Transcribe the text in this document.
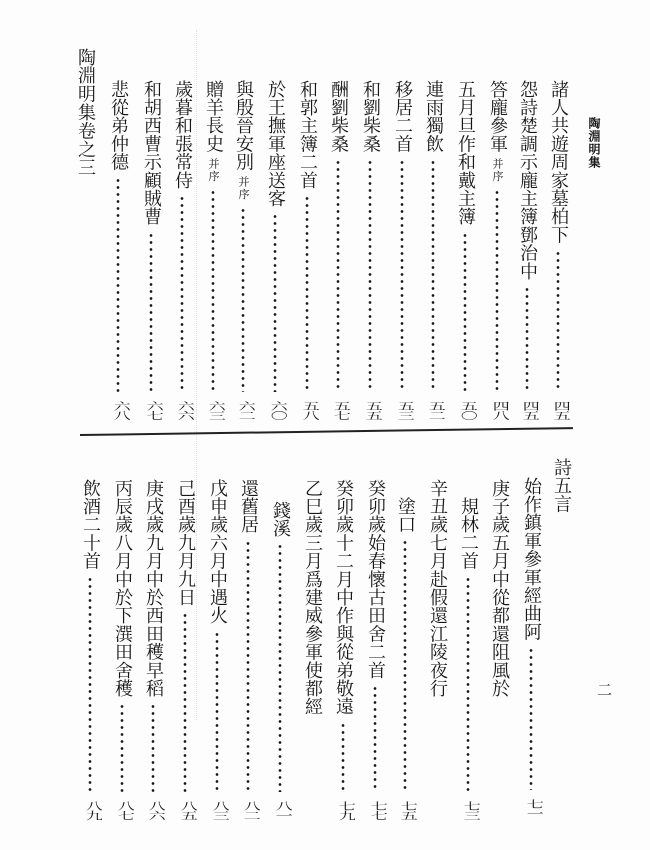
陶淵明集
諸人共遊周家墓柏下
四五
怨詩楚調示龐主簿鄧治中
四五
答龐參軍
并序
四八
五月旦作和戴主簿
五〇
連雨獨飲
五二
移居二首
五三
和劉柴桑
五五
酬劉柴桑
五七
和郭主簿二首
五八
於王撫軍座送客
六〇
與殷晉安別
并序
六二
贈羊長史
并序
六三
歲暮和張常侍
六六
和胡西曹示顧賊曹
六七
悲從弟仲德
六八
陶淵明集卷之三
詩五言
始作鎮軍參軍經曲阿
七一
庚子歲五月中從都還阻風於
規林二首
七三
辛丑歲七月赴假還江陵夜行
塗口
七五
癸卯歲始春懷古田舍二首
七七
癸卯歲十二月中作與從弟敬遠
七九
乙巳歲三月爲建威參軍使都經
錢溪
八一
還舊居
八二
戊申歲六月中遇火
八三
己酉歲九月九日
八五
庚戌歲九月中於西田穫早稻
八六
丙辰歲八月中於下潠田舍穫
八七
飲酒二十首
八九
二
